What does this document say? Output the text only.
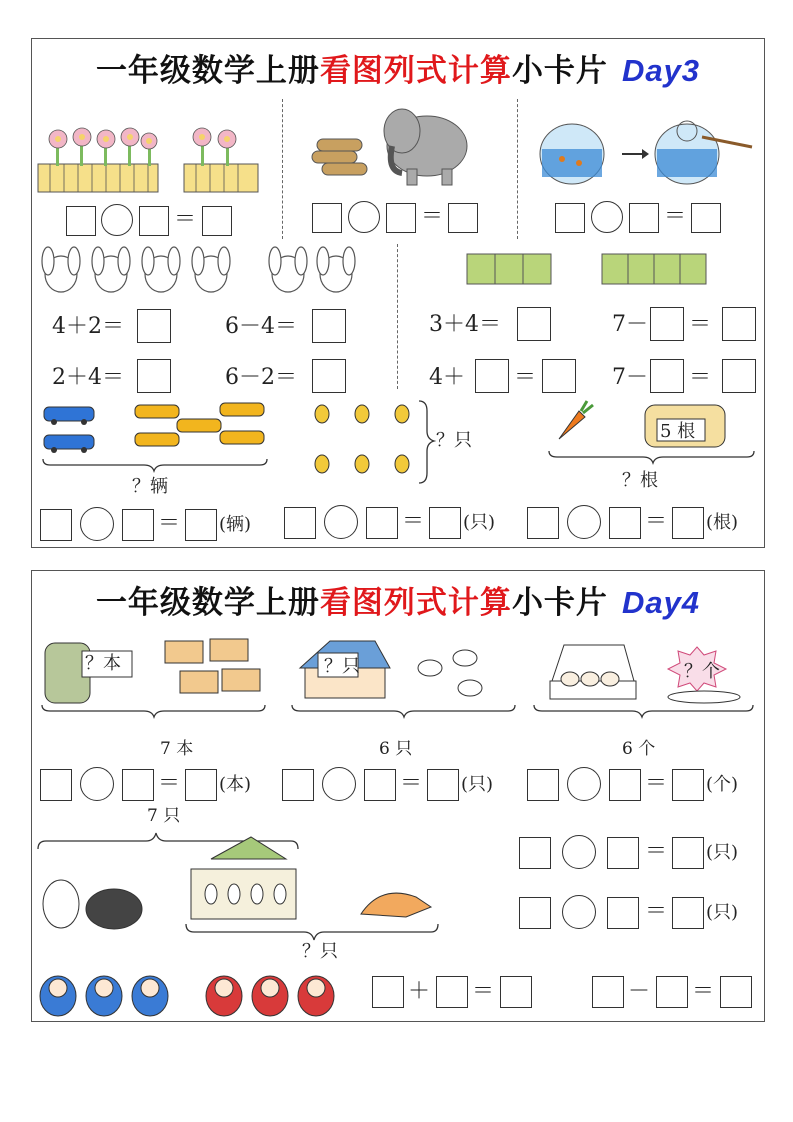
一年级数学上册看图列式计算小卡片 Day3
＝	＝	＝
4＋2＝	6－4＝	3＋4＝	7－ ＝
2＋4＝	6－2＝	4＋ ＝	7－ ＝
？辆
？只	5 根
？根
＝ (辆)	＝ (只)	＝ (根)
一年级数学上册看图列式计算小卡片 Day4
？本
7 本
？只
6 只
？个
6 个
＝ (本)	＝ (只)	＝ (个)
7 只
？只
＝ (只)
＝ (只)
＋ ＝	－ ＝
